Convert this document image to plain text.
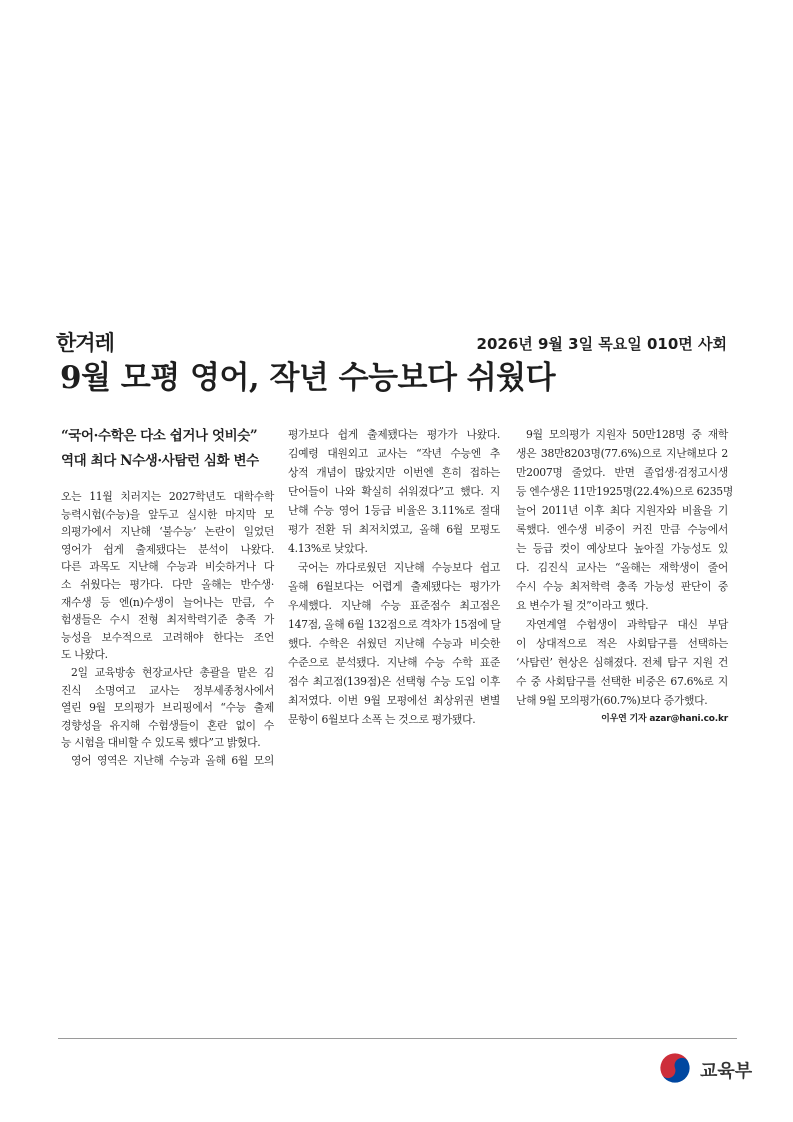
한겨레	2026년 9월 3일 목요일 010면 사회
9월 모평 영어, 작년 수능보다 쉬웠다
“국어·수학은 다소 쉽거나 엇비슷”
역대 최다 N수생·사탐런 심화 변수
오는 11월 치러지는 2027학년도 대학수학
능력시험(수능)을 앞두고 실시한 마지막 모
의평가에서 지난해 ‘불수능’ 논란이 일었던
영어가 쉽게 출제됐다는 분석이 나왔다.
다른 과목도 지난해 수능과 비슷하거나 다
소 쉬웠다는 평가다. 다만 올해는 반수생·
재수생 등 엔(n)수생이 늘어나는 만큼, 수
험생들은 수시 전형 최저학력기준 충족 가
능성을 보수적으로 고려해야 한다는 조언
도 나왔다.
2일 교육방송 현장교사단 총괄을 맡은 김
진식 소명여고 교사는 정부세종청사에서
열린 9월 모의평가 브리핑에서 “수능 출제
경향성을 유지해 수험생들이 혼란 없이 수
능 시험을 대비할 수 있도록 했다”고 밝혔다.
영어 영역은 지난해 수능과 올해 6월 모의
평가보다 쉽게 출제됐다는 평가가 나왔다.
김예령 대원외고 교사는 “작년 수능엔 추
상적 개념이 많았지만 이번엔 흔히 접하는
단어들이 나와 확실히 쉬워졌다”고 했다. 지
난해 수능 영어 1등급 비율은 3.11%로 절대
평가 전환 뒤 최저치였고, 올해 6월 모평도
4.13%로 낮았다.
국어는 까다로웠던 지난해 수능보다 쉽고
올해 6월보다는 어렵게 출제됐다는 평가가
우세했다. 지난해 수능 표준점수 최고점은
147점, 올해 6월 132점으로 격차가 15점에 달
했다. 수학은 쉬웠던 지난해 수능과 비슷한
수준으로 분석됐다. 지난해 수능 수학 표준
점수 최고점(139점)은 선택형 수능 도입 이후
최저였다. 이번 9월 모평에선 최상위권 변별
문항이 6월보다 소폭 는 것으로 평가됐다.
9월 모의평가 지원자 50만128명 중 재학
생은 38만8203명(77.6%)으로 지난해보다 2
만2007명 줄었다. 반면 졸업생·검정고시생
등 엔수생은 11만1925명(22.4%)으로 6235명
늘어 2011년 이후 최다 지원자와 비율을 기
록했다. 엔수생 비중이 커진 만큼 수능에서
는 등급 컷이 예상보다 높아질 가능성도 있
다. 김진식 교사는 “올해는 재학생이 줄어
수시 수능 최저학력 충족 가능성 판단이 중
요 변수가 될 것”이라고 했다.
자연계열 수험생이 과학탐구 대신 부담
이 상대적으로 적은 사회탐구를 선택하는
‘사탐런’ 현상은 심해졌다. 전체 탐구 지원 건
수 중 사회탐구를 선택한 비중은 67.6%로 지
난해 9월 모의평가(60.7%)보다 증가했다.
이우연 기자 azar@hani.co.kr
교육부
